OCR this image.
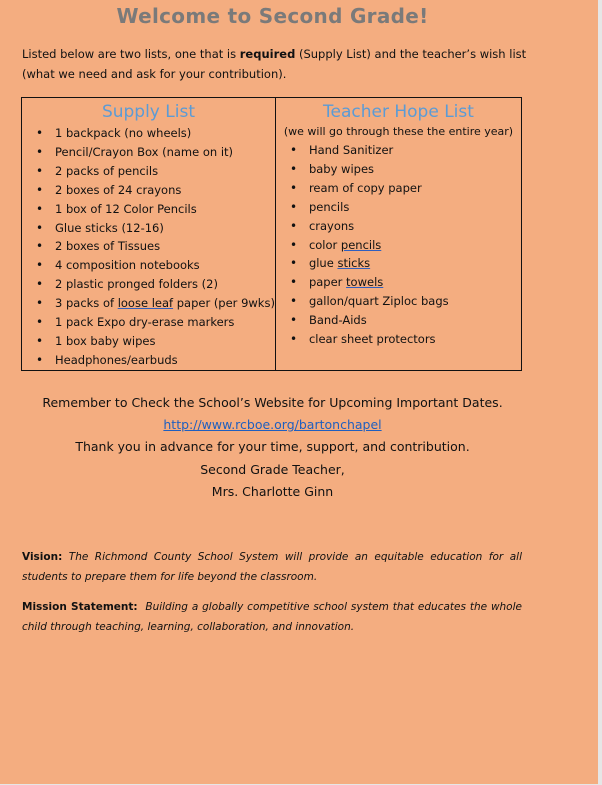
Welcome to Second Grade!
Listed below are two lists, one that is required (Supply List) and the teacher’s wish list (what we need and ask for your contribution).
Supply List
• 1 backpack (no wheels)
• Pencil/Crayon Box (name on it)
• 2 packs of pencils
• 2 boxes of 24 crayons
• 1 box of 12 Color Pencils
• Glue sticks (12-16)
• 2 boxes of Tissues
• 4 composition notebooks
• 2 plastic pronged folders (2)
• 3 packs of loose leaf paper (per 9wks)
• 1 pack Expo dry-erase markers
• 1 box baby wipes
• Headphones/earbuds

Teacher Hope List
(we will go through these the entire year)
• Hand Sanitizer
• baby wipes
• ream of copy paper
• pencils
• crayons
• color pencils
• glue sticks
• paper towels
• gallon/quart Ziploc bags
• Band-Aids
• clear sheet protectors
Remember to Check the School’s Website for Upcoming Important Dates.
http://www.rcboe.org/bartonchapel
Thank you in advance for your time, support, and contribution.
Second Grade Teacher,
Mrs. Charlotte Ginn
Vision: The Richmond County School System will provide an equitable education for all students to prepare them for life beyond the classroom.
Mission Statement: Building a globally competitive school system that educates the whole child through teaching, learning, collaboration, and innovation.
